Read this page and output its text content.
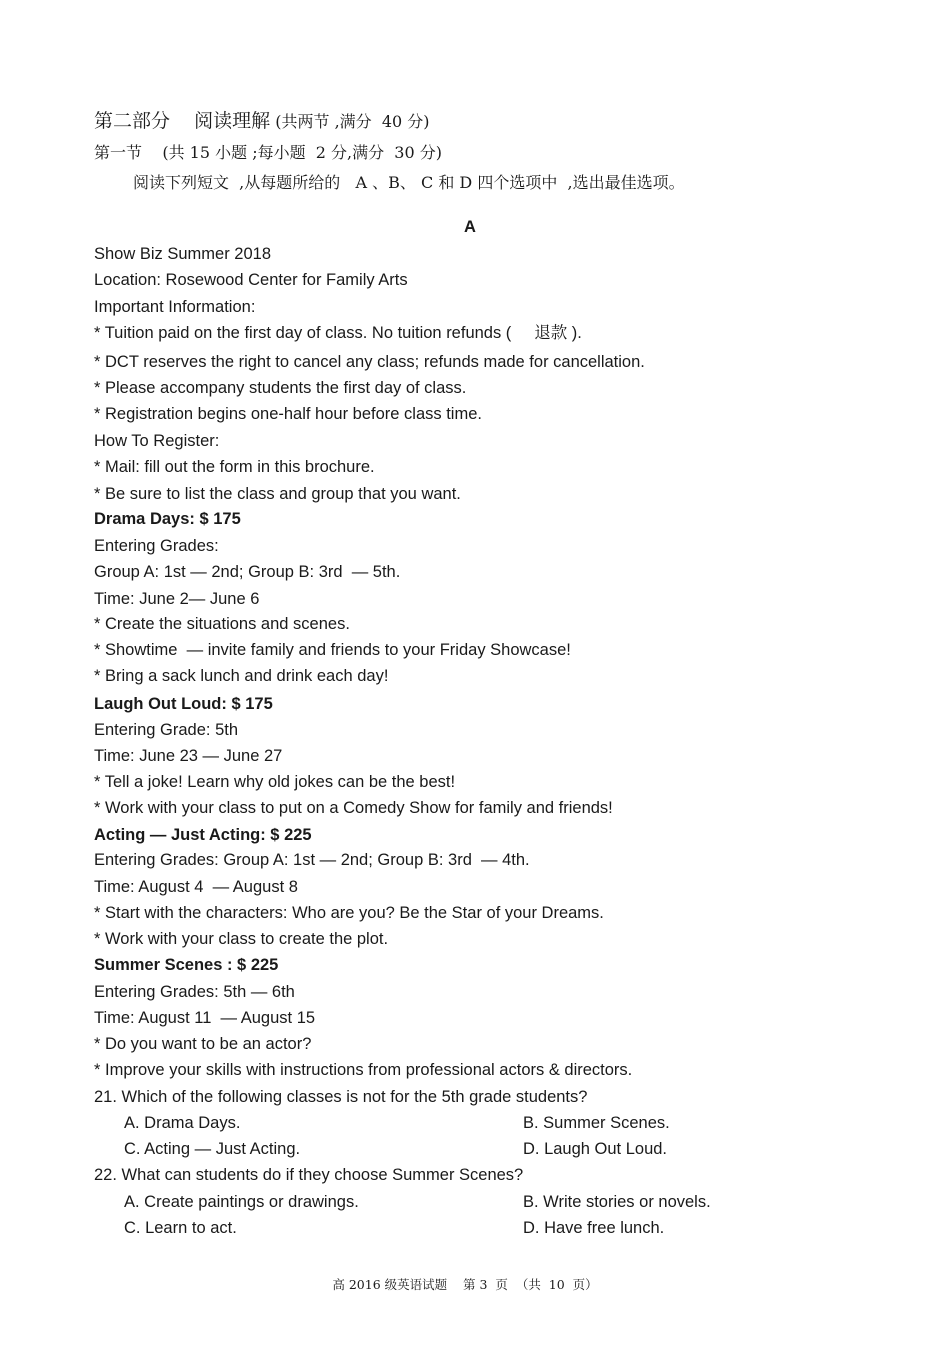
第二部分    阅读理解 (共两节 ,满分  40 分)
第一节    (共 15 小题 ;每小题  2 分,满分  30 分)
阅读下列短文  ,从每题所给的   A 、B、 C 和 D 四个选项中  ,选出最佳选项。
A
Show Biz Summer 2018
Location: Rosewood Center for Family Arts
Important Information:
* Tuition paid on the first day of class. No tuition refunds (     退款 ).
* DCT reserves the right to cancel any class; refunds made for cancellation.
* Please accompany students the first day of class.
* Registration begins one-half hour before class time.
How To Register:
* Mail: fill out the form in this brochure.
* Be sure to list the class and group that you want.
Drama Days: $ 175
Entering Grades:
Group A: 1st — 2nd; Group B: 3rd  — 5th.
Time: June 2— June 6
* Create the situations and scenes.
* Showtime  — invite family and friends to your Friday Showcase!
* Bring a sack lunch and drink each day!
Laugh Out Loud: $ 175
Entering Grade: 5th
Time: June 23 — June 27
* Tell a joke! Learn why old jokes can be the best!
* Work with your class to put on a Comedy Show for family and friends!
Acting — Just Acting: $ 225
Entering Grades: Group A: 1st — 2nd; Group B: 3rd  — 4th.
Time: August 4  — August 8
* Start with the characters: Who are you? Be the Star of your Dreams.
* Work with your class to create the plot.
Summer Scenes : $ 225
Entering Grades: 5th — 6th
Time: August 11  — August 15
* Do you want to be an actor?
* Improve your skills with instructions from professional actors & directors.
21. Which of the following classes is not for the 5th grade students?
A. Drama Days.	B. Summer Scenes.
C. Acting — Just Acting.	D. Laugh Out Loud.
22. What can students do if they choose Summer Scenes?
A. Create paintings or drawings.	B. Write stories or novels.
C. Learn to act.	D. Have free lunch.
高 2016 级英语试题    第 3  页  （共  10  页）
